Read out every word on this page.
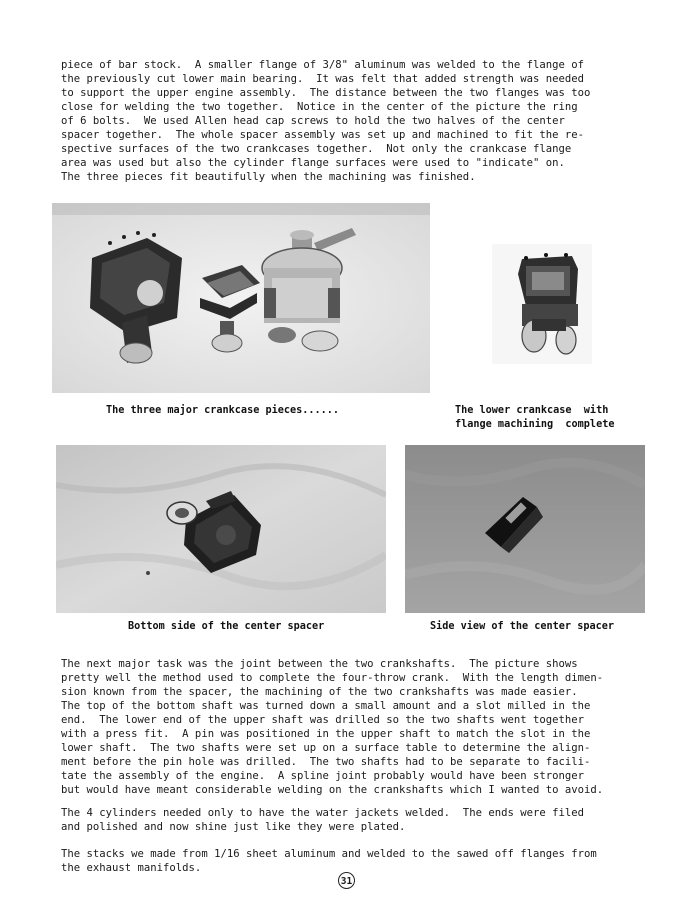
piece of bar stock.  A smaller flange of 3/8" aluminum was welded to the flange of
the previously cut lower main bearing.  It was felt that added strength was needed
to support the upper engine assembly.  The distance between the two flanges was too
close for welding the two together.  Notice in the center of the picture the ring
of 6 bolts.  We used Allen head cap screws to hold the two halves of the center
spacer together.  The whole spacer assembly was set up and machined to fit the re-
spective surfaces of the two crankcases together.  Not only the crankcase flange
area was used but also the cylinder flange surfaces were used to "indicate" on.
The three pieces fit beautifully when the machining was finished.

The three major crankcase pieces......	The lower crankcase  with
flange machining  complete

Bottom side of the center spacer	Side view of the center spacer

The next major task was the joint between the two crankshafts.  The picture shows
pretty well the method used to complete the four-throw crank.  With the length dimen-
sion known from the spacer, the machining of the two crankshafts was made easier.
The top of the bottom shaft was turned down a small amount and a slot milled in the
end.  The lower end of the upper shaft was drilled so the two shafts went together
with a press fit.  A pin was positioned in the upper shaft to match the slot in the
lower shaft.  The two shafts were set up on a surface table to determine the align-
ment before the pin hole was drilled.  The two shafts had to be separate to facili-
tate the assembly of the engine.  A spline joint probably would have been stronger
but would have meant considerable welding on the crankshafts which I wanted to avoid.

The 4 cylinders needed only to have the water jackets welded.  The ends were filed
and polished and now shine just like they were plated.

The stacks we made from 1/16 sheet aluminum and welded to the sawed off flanges from
the exhaust manifolds.

31
